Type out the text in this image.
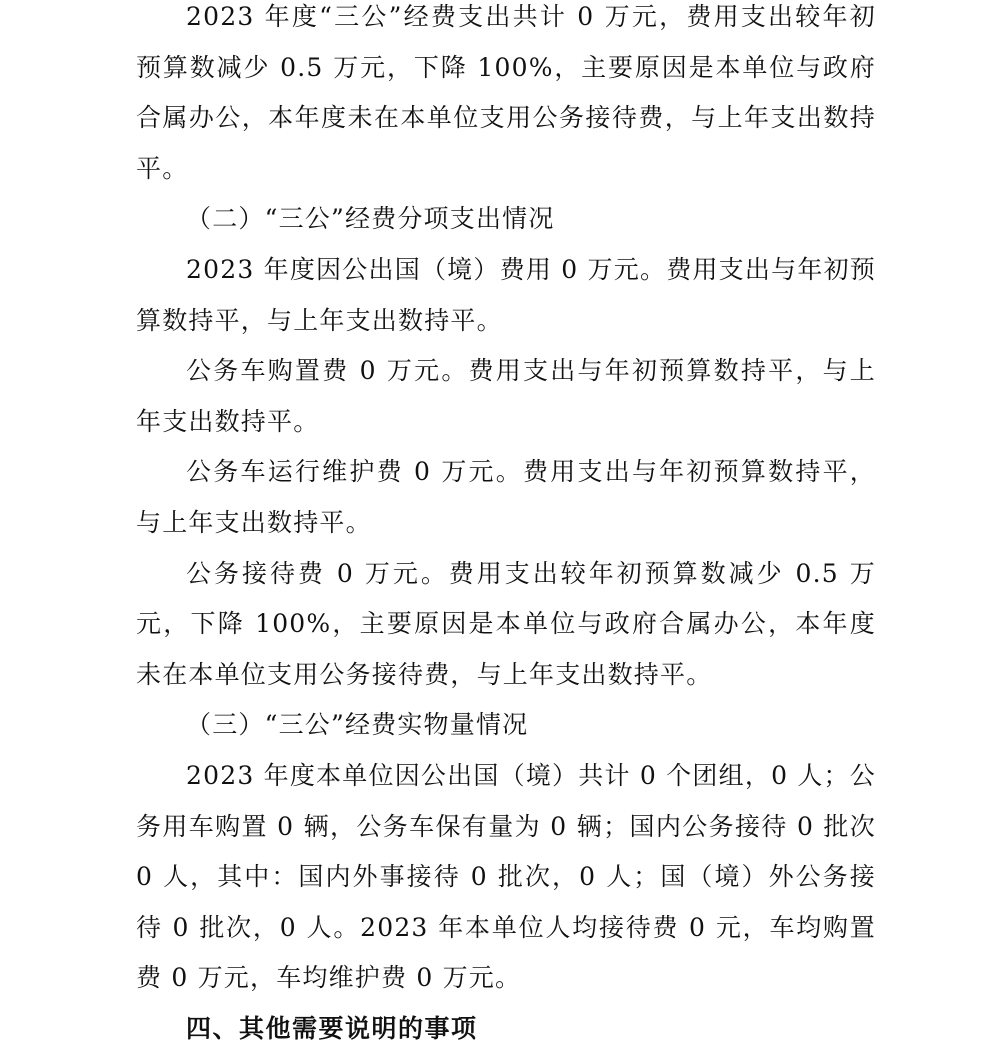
2023 年度“三公”经费支出共计 0 万元，费用支出较年初预算数减少 0.5 万元，下降 100%，主要原因是本单位与政府合属办公，本年度未在本单位支用公务接待费，与上年支出数持平。

（二）“三公”经费分项支出情况

2023 年度因公出国（境）费用 0 万元。费用支出与年初预算数持平，与上年支出数持平。

公务车购置费 0 万元。费用支出与年初预算数持平，与上年支出数持平。

公务车运行维护费 0 万元。费用支出与年初预算数持平，与上年支出数持平。

公务接待费 0 万元。费用支出较年初预算数减少 0.5 万元，下降 100%，主要原因是本单位与政府合属办公，本年度未在本单位支用公务接待费，与上年支出数持平。

（三）“三公”经费实物量情况

2023 年度本单位因公出国（境）共计 0 个团组，0 人；公务用车购置 0 辆，公务车保有量为 0 辆；国内公务接待 0 批次 0 人，其中：国内外事接待 0 批次，0 人；国（境）外公务接待 0 批次，0 人。2023 年本单位人均接待费 0 元，车均购置费 0 万元，车均维护费 0 万元。

四、其他需要说明的事项
